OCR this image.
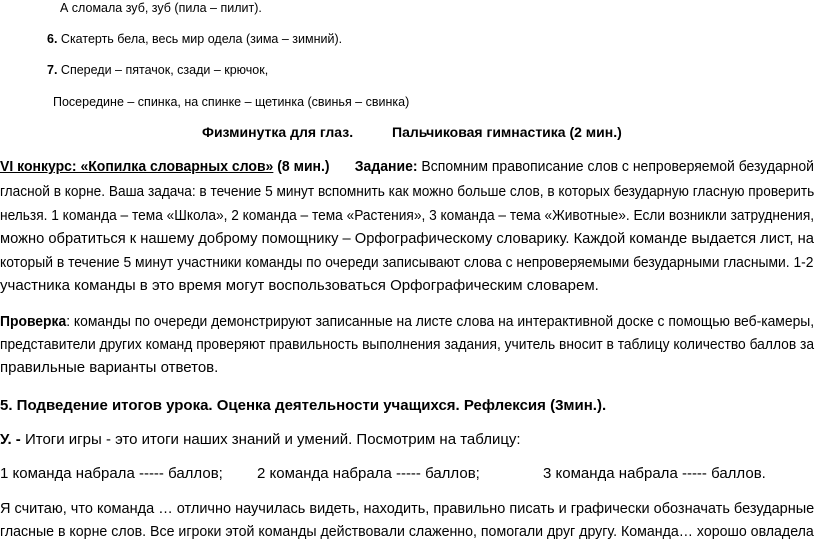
А сломала зуб, зуб (пила – пилит).
6. Скатерть бела, весь мир одела (зима – зимний).
7. Спереди – пятачок, сзади – крючок,
Посередине – спинка, на спинке – щетинка (свинья – свинка)
Физминутка для глаз.	Пальчиковая гимнастика (2 мин.)
VI конкурс: «Копилка словарных слов» (8 мин.) Задание: Вспомним правописание слов с непроверяемой безударной
гласной в корне. Ваша задача: в течение 5 минут вспомнить как можно больше слов, в которых безударную гласную проверить
нельзя. 1 команда – тема «Школа», 2 команда – тема «Растения», 3 команда – тема «Животные». Если возникли затруднения,
можно обратиться к нашему доброму помощнику – Орфографическому словарику. Каждой команде выдается лист, на
который в течение 5 минут участники команды по очереди записывают слова с непроверяемыми безударными гласными. 1-2
участника команды в это время могут воспользоваться Орфографическим словарем.
Проверка: команды по очереди демонстрируют записанные на листе слова на интерактивной доске с помощью веб-камеры,
представители других команд проверяют правильность выполнения задания, учитель вносит в таблицу количество баллов за
правильные варианты ответов.
5. Подведение итогов урока. Оценка деятельности учащихся. Рефлексия (3мин.).
У. - Итоги игры - это итоги наших знаний и умений. Посмотрим на таблицу:
1 команда набрала ----- баллов; 2 команда набрала ----- баллов;	3 команда набрала ----- баллов.
Я считаю, что команда … отлично научилась видеть, находить, правильно писать и графически обозначать безударные
гласные в корне слов. Все игроки этой команды действовали слаженно, помогали друг другу. Команда… хорошо овладела
